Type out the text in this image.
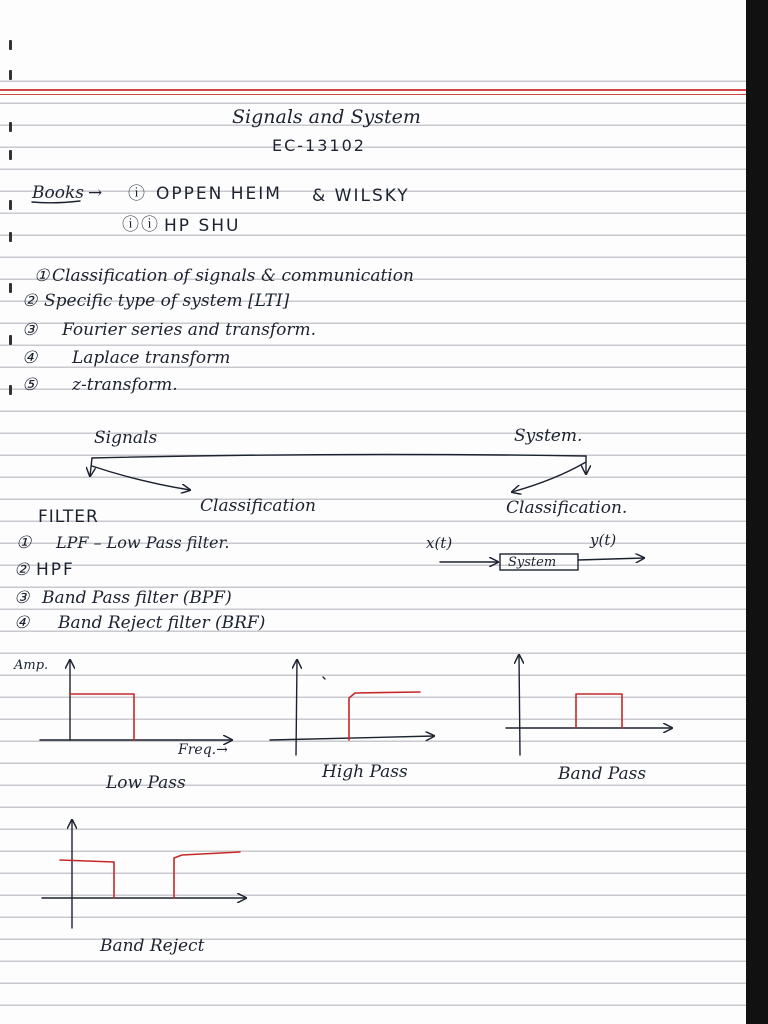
Signals and System
EC-13102
Books → ⓘ OPPEN HEIM & WILSKY
ⓘⓘ HP SHU
① Classification of signals & communication
② Specific type of system [LTI]
③ Fourier series and transform.
④ Laplace transform
⑤ z-transform.
Signals	System.
Classification	Classification.
FILTER
① LPF – Low Pass filter.
② HPF
③ Band Pass filter (BPF)
④ Band Reject filter (BRF)
x(t)	y(t)
System
Amp.
Freq.→
Low Pass
High Pass	Band Pass
Band Reject
